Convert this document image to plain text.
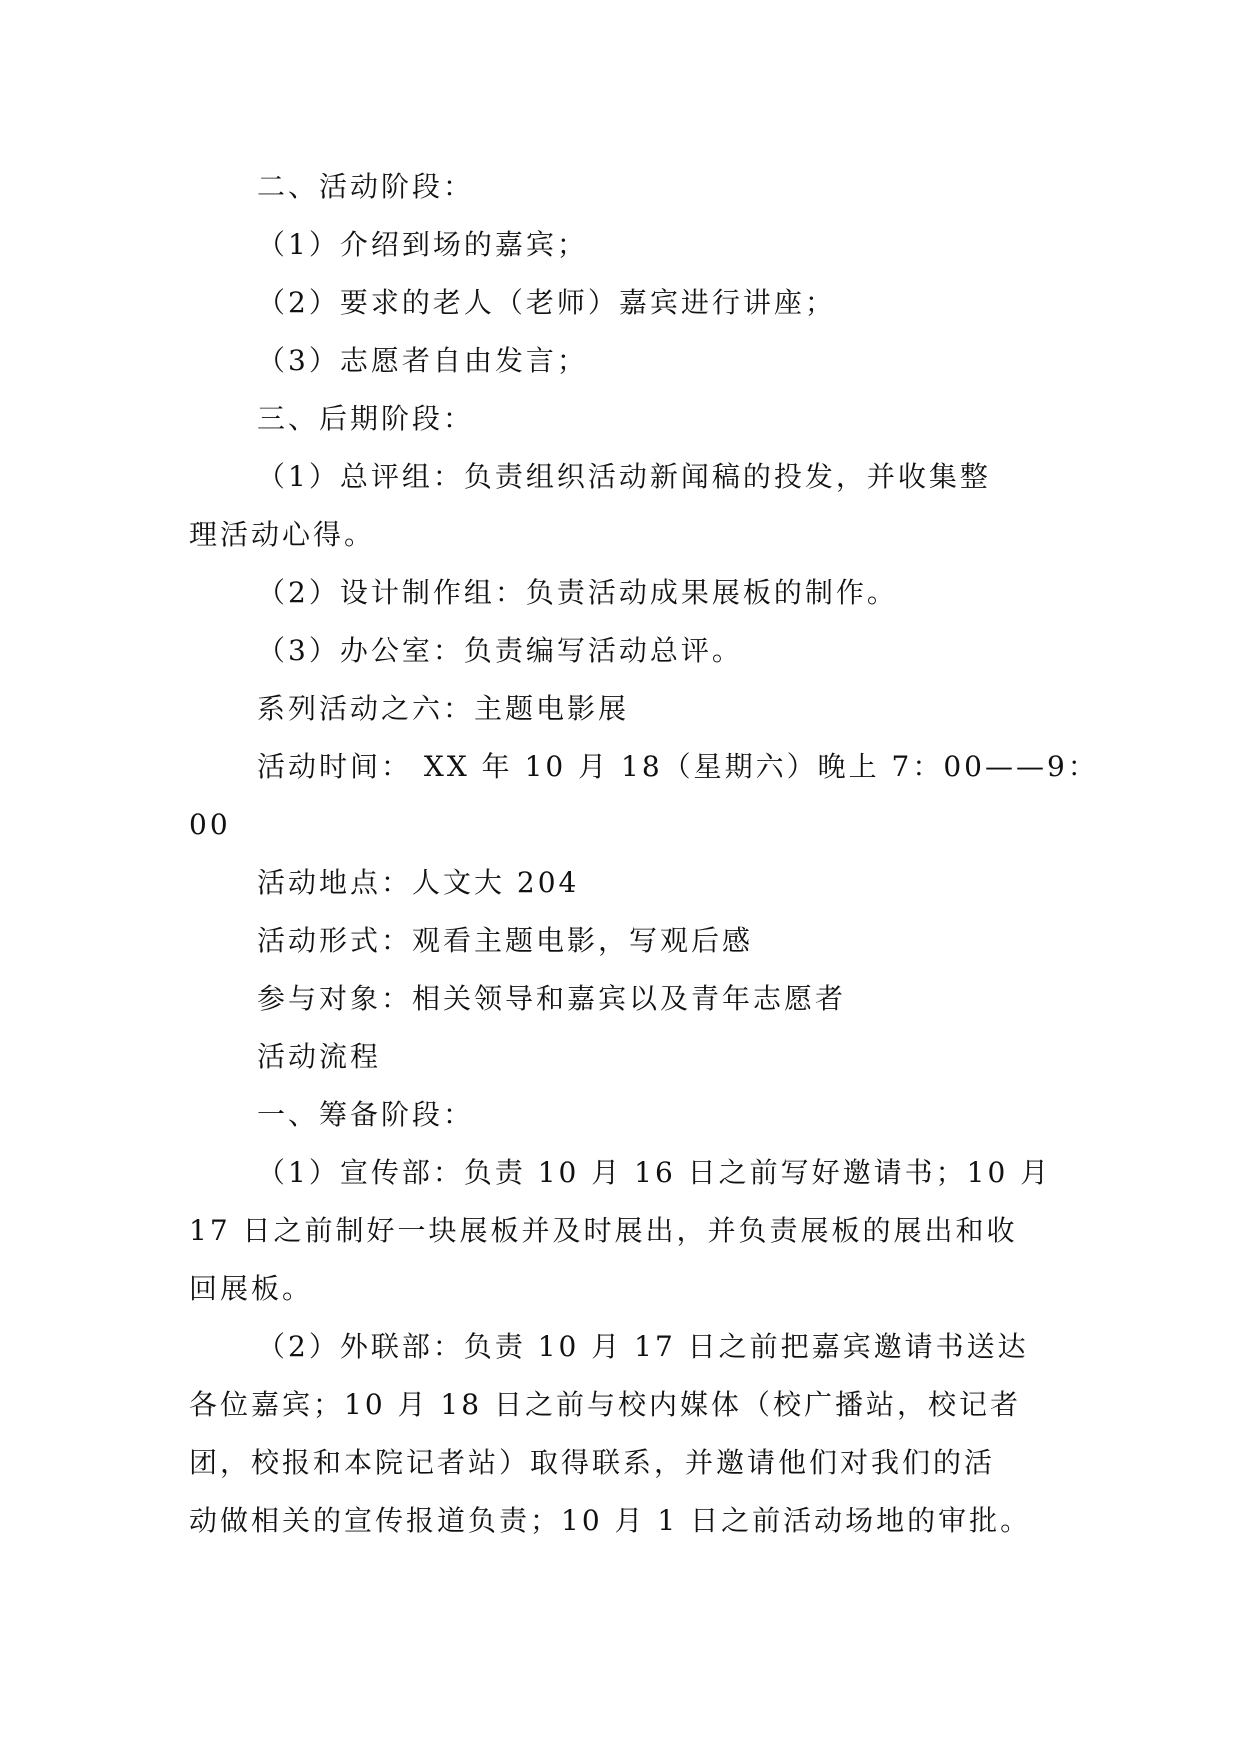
二、活动阶段：
（1）介绍到场的嘉宾；
（2）要求的老人（老师）嘉宾进行讲座；
（3）志愿者自由发言；
三、后期阶段：
（1）总评组：负责组织活动新闻稿的投发，并收集整
理活动心得。
（2）设计制作组：负责活动成果展板的制作。
（3）办公室：负责编写活动总评。
系列活动之六：主题电影展
活动时间： XX 年 10 月 18（星期六）晚上 7：00——9：
00
活动地点：人文大 204
活动形式：观看主题电影，写观后感
参与对象：相关领导和嘉宾以及青年志愿者
活动流程
一、筹备阶段：
（1）宣传部：负责 10 月 16 日之前写好邀请书；10 月
17 日之前制好一块展板并及时展出，并负责展板的展出和收
回展板。
（2）外联部：负责 10 月 17 日之前把嘉宾邀请书送达
各位嘉宾；10 月 18 日之前与校内媒体（校广播站，校记者
团，校报和本院记者站）取得联系，并邀请他们对我们的活
动做相关的宣传报道负责；10 月 1 日之前活动场地的审批。
